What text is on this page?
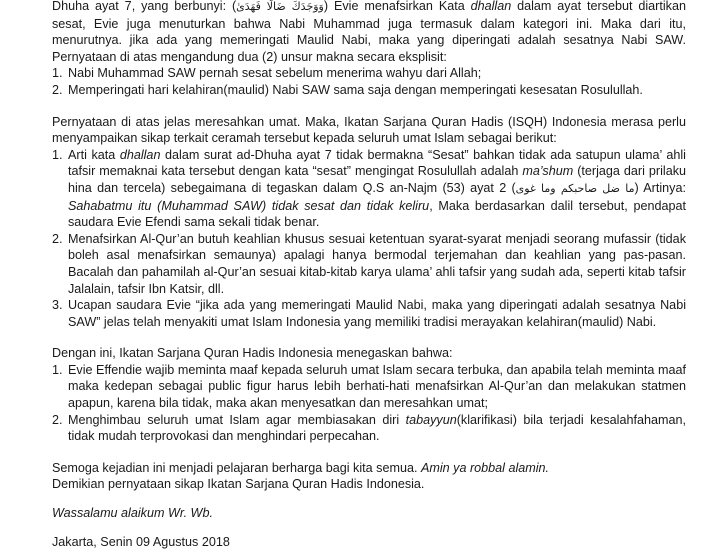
Dhuha ayat 7, yang berbunyi: (وَوَجَدَكَ ضَالًّا فَهَدَىٰ) Evie menafsirkan Kata dhallan dalam ayat tersebut diartikan sesat, Evie juga menuturkan bahwa Nabi Muhammad juga termasuk dalam kategori ini. Maka dari itu, menurutnya. jika ada yang memeringati Maulid Nabi, maka yang diperingati adalah sesatnya Nabi SAW. Pernyataan di atas mengandung dua (2) unsur makna secara eksplisit:

1. Nabi Muhammad SAW pernah sesat sebelum menerima wahyu dari Allah;
2. Memperingati hari kelahiran(maulid) Nabi SAW sama saja dengan memperingati kesesatan Rosulullah.

Pernyataan di atas jelas meresahkan umat. Maka, Ikatan Sarjana Quran Hadis (ISQH) Indonesia merasa perlu menyampaikan sikap terkait ceramah tersebut kepada seluruh umat Islam sebagai berikut:

1. Arti kata dhallan dalam surat ad-Dhuha ayat 7 tidak bermakna “Sesat” bahkan tidak ada satupun ulama’ ahli tafsir memaknai kata tersebut dengan kata “sesat” mengingat Rosulullah adalah ma’shum (terjaga dari prilaku hina dan tercela) sebegaimana di tegaskan dalam Q.S an-Najm (53) ayat 2 (ما ضل صاحبكم وما غوى) Artinya: Sahabatmu itu (Muhammad SAW) tidak sesat dan tidak keliru, Maka berdasarkan dalil tersebut, pendapat saudara Evie Efendi sama sekali tidak benar.
2. Menafsirkan Al-Qur’an butuh keahlian khusus sesuai ketentuan syarat-syarat menjadi seorang mufassir (tidak boleh asal menafsirkan semaunya) apalagi hanya bermodal terjemahan dan keahlian yang pas-pasan. Bacalah dan pahamilah al-Qur’an sesuai kitab-kitab karya ulama’ ahli tafsir yang sudah ada, seperti kitab tafsir Jalalain, tafsir Ibn Katsir, dll.
3. Ucapan saudara Evie “jika ada yang memeringati Maulid Nabi, maka yang diperingati adalah sesatnya Nabi SAW” jelas telah menyakiti umat Islam Indonesia yang memiliki tradisi merayakan kelahiran(maulid) Nabi.

Dengan ini, Ikatan Sarjana Quran Hadis Indonesia menegaskan bahwa:

1. Evie Effendie wajib meminta maaf kepada seluruh umat Islam secara terbuka, dan apabila telah meminta maaf maka kedepan sebagai public figur harus lebih berhati-hati menafsirkan Al-Qur’an dan melakukan statmen apapun, karena bila tidak, maka akan menyesatkan dan meresahkan umat;
2. Menghimbau seluruh umat Islam agar membiasakan diri tabayyun(klarifikasi) bila terjadi kesalahfahaman, tidak mudah terprovokasi dan menghindari perpecahan.

Semoga kejadian ini menjadi pelajaran berharga bagi kita semua. Amin ya robbal alamin.

Demikian pernyataan sikap Ikatan Sarjana Quran Hadis Indonesia.

Wassalamu alaikum Wr. Wb.

Jakarta, Senin 09 Agustus 2018
